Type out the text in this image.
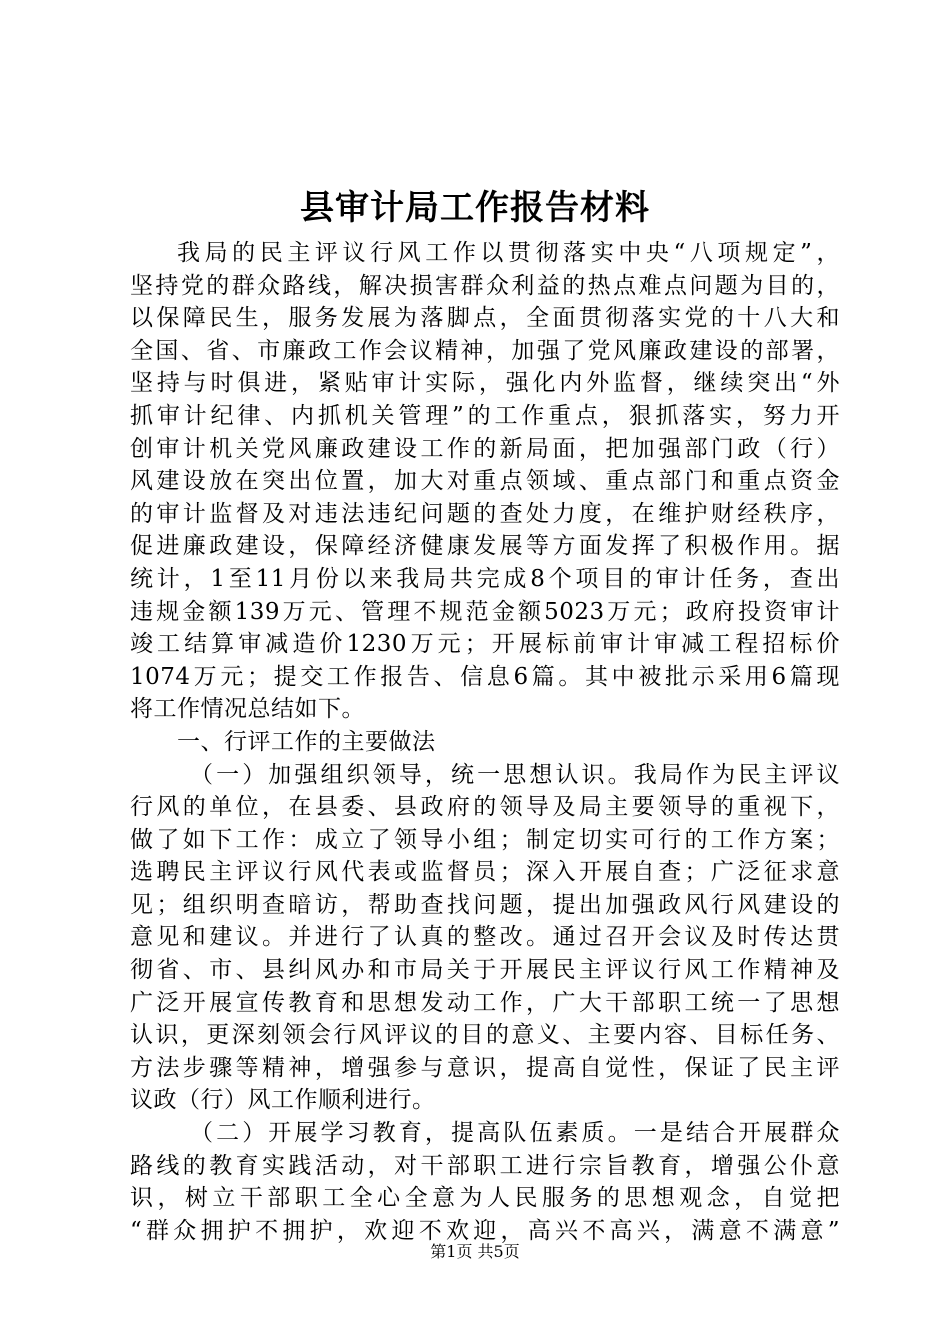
县审计局工作报告材料
我局的民主评议行风工作以贯彻落实中央“八项规定”，
坚持党的群众路线，解决损害群众利益的热点难点问题为目的，
以保障民生，服务发展为落脚点，全面贯彻落实党的十八大和
全国、省、市廉政工作会议精神，加强了党风廉政建设的部署，
坚持与时俱进，紧贴审计实际，强化内外监督，继续突出“外
抓审计纪律、内抓机关管理”的工作重点，狠抓落实，努力开
创审计机关党风廉政建设工作的新局面，把加强部门政（行）
风建设放在突出位置，加大对重点领域、重点部门和重点资金
的审计监督及对违法违纪问题的查处力度，在维护财经秩序，
促进廉政建设，保障经济健康发展等方面发挥了积极作用。据
统计，1至11月份以来我局共完成8个项目的审计任务，查出
违规金额139万元、管理不规范金额5023万元；政府投资审计
竣工结算审减造价1230万元；开展标前审计审减工程招标价
1074万元；提交工作报告、信息6篇。其中被批示采用6篇现
将工作情况总结如下。
一、行评工作的主要做法
（一）加强组织领导，统一思想认识。我局作为民主评议
行风的单位，在县委、县政府的领导及局主要领导的重视下，
做了如下工作：成立了领导小组；制定切实可行的工作方案；
选聘民主评议行风代表或监督员；深入开展自查；广泛征求意
见；组织明查暗访，帮助查找问题，提出加强政风行风建设的
意见和建议。并进行了认真的整改。通过召开会议及时传达贯
彻省、市、县纠风办和市局关于开展民主评议行风工作精神及
广泛开展宣传教育和思想发动工作，广大干部职工统一了思想
认识，更深刻领会行风评议的目的意义、主要内容、目标任务、
方法步骤等精神，增强参与意识，提高自觉性，保证了民主评
议政（行）风工作顺利进行。
（二）开展学习教育，提高队伍素质。一是结合开展群众
路线的教育实践活动，对干部职工进行宗旨教育，增强公仆意
识，树立干部职工全心全意为人民服务的思想观念，自觉把
“群众拥护不拥护，欢迎不欢迎，高兴不高兴，满意不满意”
第1页 共5页
